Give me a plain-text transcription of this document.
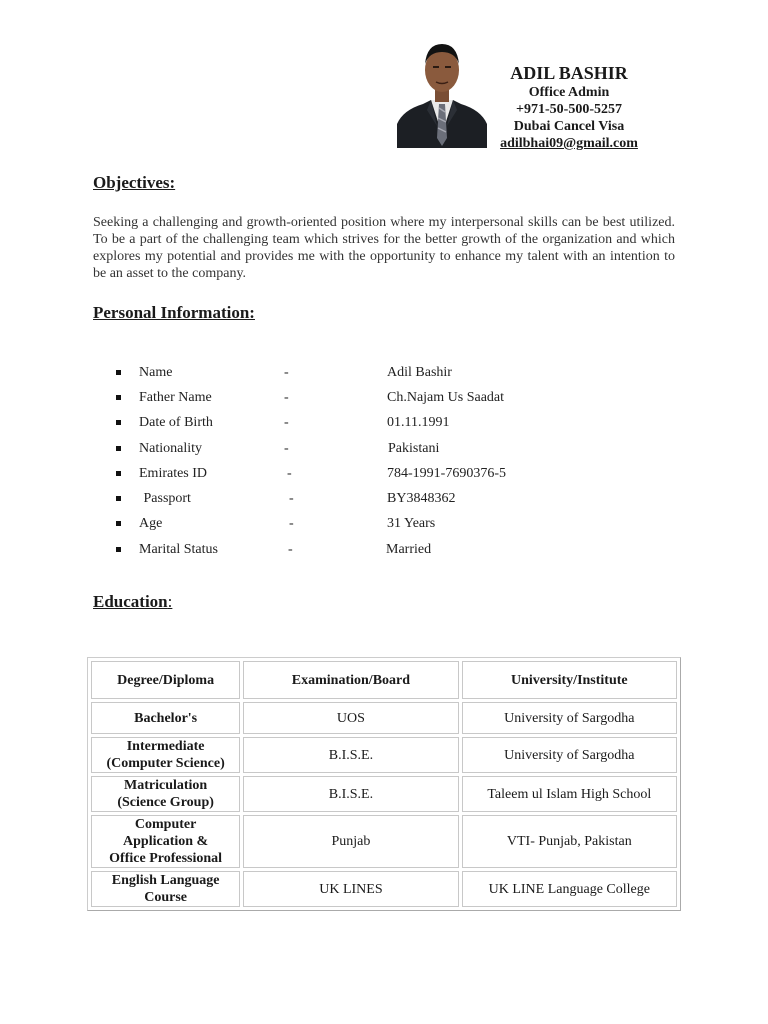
ADIL BASHIR
Office Admin
+971-50-500-5257
Dubai Cancel Visa
adilbhai09@gmail.com
Objectives:
Seeking a challenging and growth-oriented position where my interpersonal skills can be best utilized. To be a part of the challenging team which strives for the better growth of the organization and which explores my potential and provides me with the opportunity to enhance my talent with an intention to be an asset to the company.
Personal Information:
Name	-	Adil Bashir
Father Name	-	Ch.Najam Us Saadat
Date of Birth	-	01.11.1991
Nationality	-	Pakistani
Emirates ID	-	784-1991-7690376-5
Passport	-	BY3848362
Age	-	31 Years
Marital Status	-	Married
Education:
Degree/Diploma	Examination/Board	University/Institute
Bachelor's	UOS	University of Sargodha
Intermediate
(Computer Science)	B.I.S.E.	University of Sargodha
Matriculation
(Science Group)	B.I.S.E.	Taleem ul Islam High School
Computer
Application &
Office Professional	Punjab	VTI- Punjab, Pakistan
English Language
Course	UK LINES	UK LINE Language College
